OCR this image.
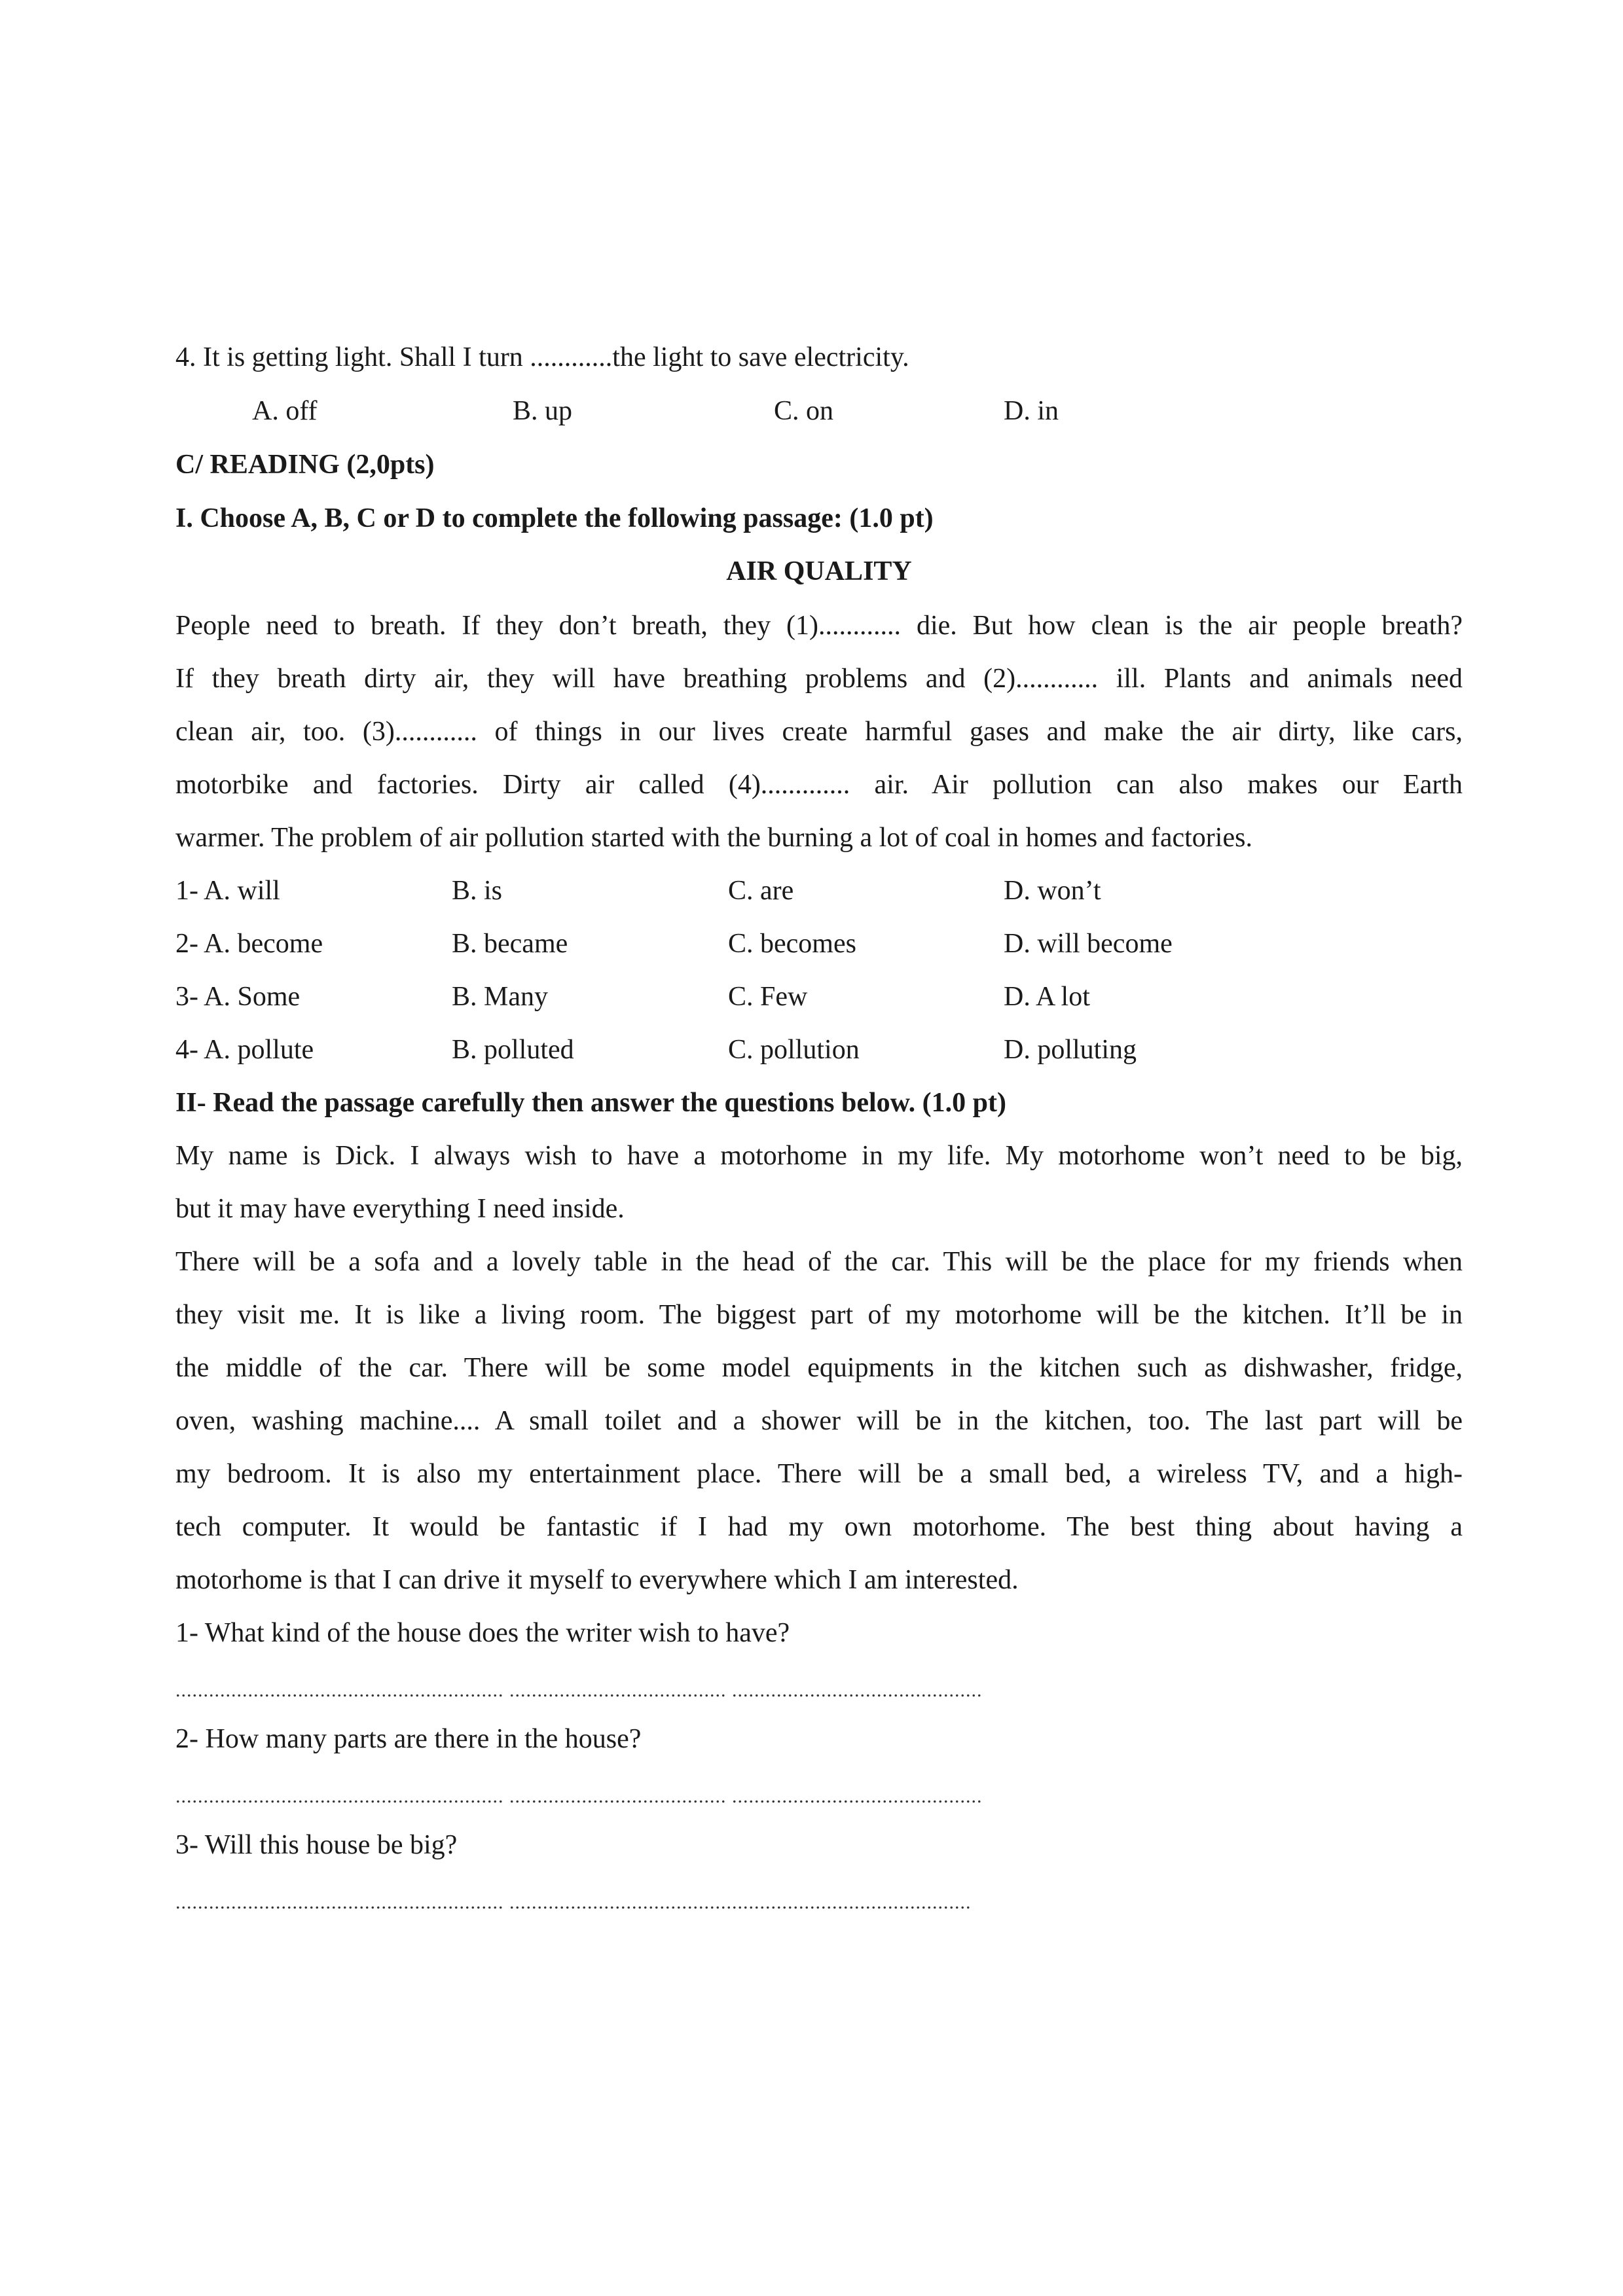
4. It is getting light. Shall I turn ............the light to save electricity.
A. off	B. up	C. on	D. in
C/ READING (2,0pts)
I. Choose A, B, C or D to complete the following passage: (1.0 pt)
AIR QUALITY
People need to breath. If they don’t breath, they (1)............ die. But how clean is the air people breath?
If they breath dirty air, they will have breathing problems and (2)............ ill. Plants and animals need
clean air, too. (3)............ of things in our lives create harmful gases and make the air dirty, like cars,
motorbike and factories. Dirty air called (4)............. air. Air pollution can also makes our Earth
warmer. The problem of air pollution started with the burning a lot of coal in homes and factories.
1- A. will	B. is	C. are	D. won’t
2- A. become	B. became	C. becomes	D. will become
3- A. Some	B. Many	C. Few	D. A lot
4- A. pollute	B. polluted	C. pollution	D. polluting
II- Read the passage carefully then answer the questions below. (1.0 pt)
My name is Dick. I always wish to have a motorhome in my life. My motorhome won’t need to be big,
but it may have everything I need inside.
There will be a sofa and a lovely table in the head of the car. This will be the place for my friends when
they visit me. It is like a living room. The biggest part of my motorhome will be the kitchen. It’ll be in
the middle of the car. There will be some model equipments in the kitchen such as dishwasher, fridge,
oven, washing machine.... A small toilet and a shower will be in the kitchen, too. The last part will be
my bedroom. It is also my entertainment place. There will be a small bed, a wireless TV, and a high-
tech computer. It would be fantastic if I had my own motorhome. The best thing about having a
motorhome is that I can drive it myself to everywhere which I am interested.
1- What kind of the house does the writer wish to have?
........................................................... ....................................... .............................................
2- How many parts are there in the house?
........................................................... ....................................... .............................................
3- Will this house be big?
........................................................... ...................................................................................
